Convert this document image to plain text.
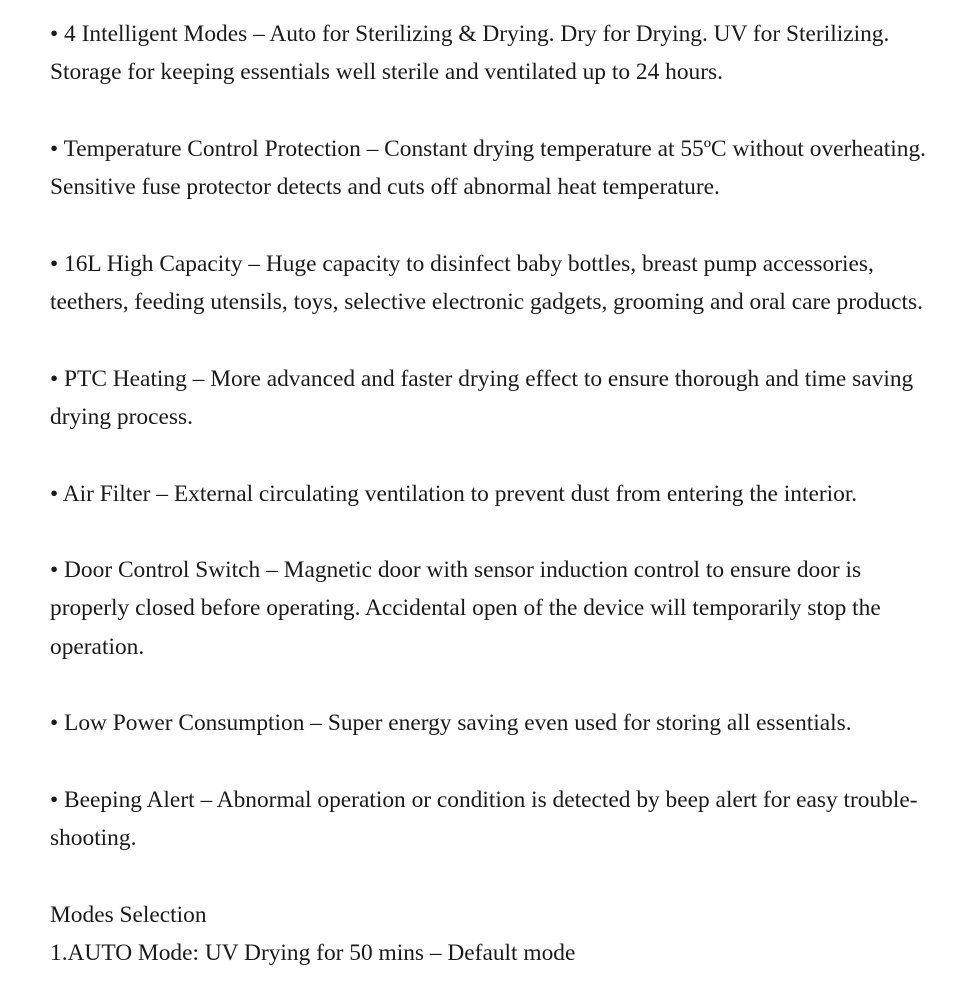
• 4 Intelligent Modes – Auto for Sterilizing & Drying. Dry for Drying. UV for Sterilizing. Storage for keeping essentials well sterile and ventilated up to 24 hours.

• Temperature Control Protection – Constant drying temperature at 55ºC without overheating. Sensitive fuse protector detects and cuts off abnormal heat temperature.

• 16L High Capacity – Huge capacity to disinfect baby bottles, breast pump accessories, teethers, feeding utensils, toys, selective electronic gadgets, grooming and oral care products.

• PTC Heating – More advanced and faster drying effect to ensure thorough and time saving drying process.

• Air Filter – External circulating ventilation to prevent dust from entering the interior.

• Door Control Switch – Magnetic door with sensor induction control to ensure door is properly closed before operating. Accidental open of the device will temporarily stop the operation.

• Low Power Consumption – Super energy saving even used for storing all essentials.

• Beeping Alert – Abnormal operation or condition is detected by beep alert for easy trouble-shooting.

Modes Selection

1.AUTO Mode: UV Drying for 50 mins – Default mode
